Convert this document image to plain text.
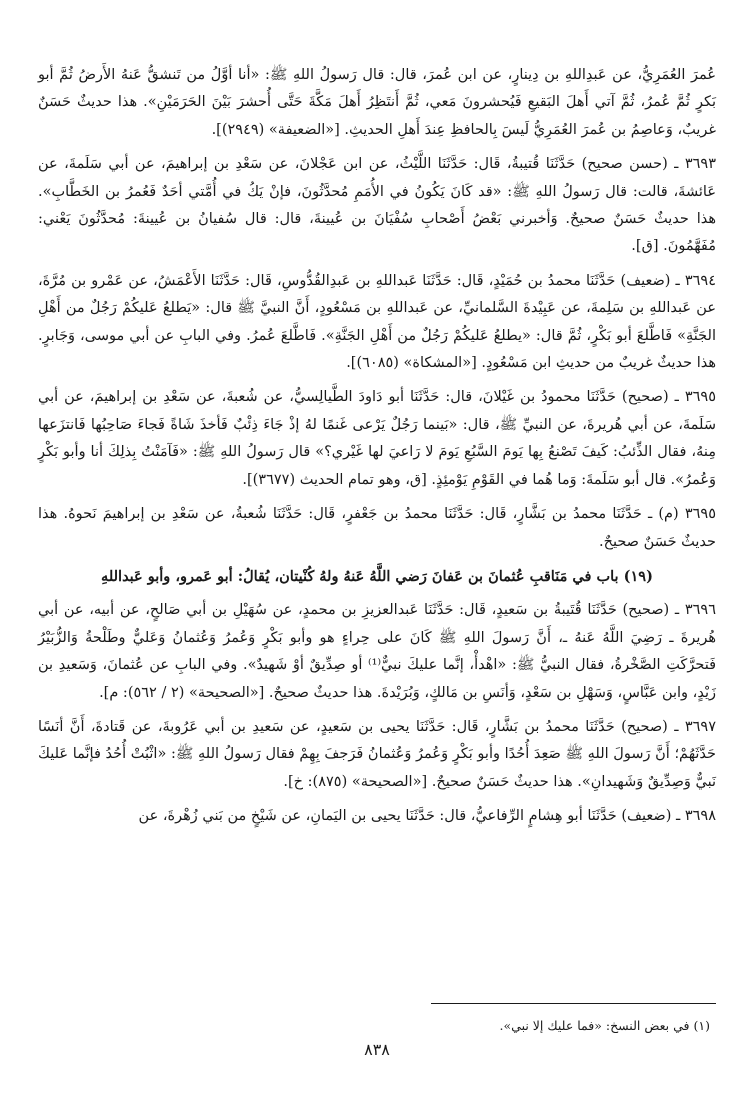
عُمرَ العُمَرِيُّ، عن عَبدِاللهِ بن دِينارٍ، عن ابن عُمرَ، قال: قال رَسولُ اللهِ ﷺ: «أنا أوَّلُ من تَنشقُّ عَنهُ الأَرضُ ثُمَّ أبو بَكرٍ ثُمَّ عُمرُ، ثُمَّ آتي أَهلَ البَقيعِ فَيُحشرونَ مَعي، ثُمَّ أَنتَظِرُ أَهلَ مَكَّةَ حَتَّى أُحشرَ بَيْنَ الحَرَمَيْنِ». هذا حديثٌ حَسَنٌ غريبٌ، وَعاصِمُ بن عُمرَ العُمَرِيُّ لَيسَ بِالحافظِ عِندَ أَهلِ الحديثِ. [«الضعيفة» (٢٩٤٩)].

٣٦٩٣ ـ (حسن صحيح) حَدَّثَنَا قُتيبةُ، قَال: حَدَّثَنَا اللَّيْثُ، عن ابن عَجْلانَ، عن سَعْدِ بن إبراهيمَ، عن أبي سَلَمةَ، عن عَائشةَ، قالت: قال رَسولُ اللهِ ﷺ: «قد كَانَ يَكُونُ في الأُمَمِ مُحدَّثُونَ، فإنْ يَكُ في أُمَّتي أحَدٌ فَعُمرُ بن الخَطَّابِ». هذا حديثٌ حَسَنٌ صحيحٌ. وَأخبرني بَعْضُ أَصْحابِ سُفْيَانَ بن عُيينةَ، قال: قال سُفيانُ بن عُيينةَ: مُحدَّثُونَ يَعْني: مُفَهَّمُونَ. [ق].

٣٦٩٤ ـ (ضعيف) حَدَّثَنَا محمدُ بن حُمَيْدٍ، قَال: حَدَّثَنَا عَبداللهِ بن عَبدِالقُدُّوسِ، قَال: حَدَّثَنَا الأَعْمَشُ، عن عَمْرو بن مُرَّةَ، عن عَبداللهِ بن سَلِمةَ، عن عَبِيْدةَ السَّلمانيِّ، عن عَبداللهِ بن مَسْعُودٍ، أَنَّ النبيَّ ﷺ قال: «يَطلعُ عَليكُمْ رَجُلٌ من أَهْلِ الجَنَّةِ» فَاطَّلعَ أبو بَكْرٍ، ثُمَّ قال: «يطلعُ عَليكُمْ رَجُلٌ من أَهْلِ الجَنَّةِ». فَاطَّلعَ عُمرُ. وفي البابِ عن أبي موسى، وَجَابرٍ. هذا حديثٌ غريبٌ من حديثِ ابن مَسْعُودٍ. [«المشكاة» (٦٠٨٥)].

٣٦٩٥ ـ (صحيح) حَدَّثَنَا محمودُ بن غَيْلانَ، قال: حَدَّثَنَا أبو دَاودَ الطَّيالِسيُّ، عن شُعبةَ، عن سَعْدِ بن إبراهيمَ، عن أبي سَلَمةَ، عن أبي هُريرةَ، عن النبيِّ ﷺ، قال: «بَينما رَجُلٌ يَرْعى غَنمًا لهُ إذْ جَاءَ ذِئْبٌ فَأخذَ شَاةً فَجاءَ صَاحِبُها فَانتزَعها مِنهُ، فقال الذِّئبُ: كَيفَ تَصْنعُ بِها يَومَ السَّبُعِ يَومَ لا رَاعيَ لها غَيْري؟» قال رَسولُ اللهِ ﷺ: «فَآمَنْتُ بِذلِكَ أنا وأبو بَكْرٍ وَعُمرُ». قال أبو سَلَمةَ: وَما هُما في القَوْمِ يَوْمئِذٍ. [ق، وهو تمام الحديث (٣٦٧٧)].

٣٦٩٥ (م) ـ حَدَّثَنَا محمدُ بن بَشَّارٍ، قَال: حَدَّثَنَا محمدُ بن جَعْفرٍ، قَال: حَدَّثَنَا شُعبةُ، عن سَعْدِ بن إبراهيمَ نَحوهُ. هذا حديثٌ حَسَنٌ صحيحٌ.

(١٩) باب في مَنَاقبِ عُثمانَ بن عَفانَ رَضي اللَّهُ عَنهُ ولهُ كُنْيتان، يُقالُ: أبو عَمرو، وأبو عَبداللهِ

٣٦٩٦ ـ (صحيح) حَدَّثَنَا قُتَيبةُ بن سَعيدٍ، قَال: حَدَّثَنَا عَبدالعزيزِ بن محمدٍ، عن سُهَيْلِ بن أبي صَالحٍ، عن أبيه، عن أبي هُريرةَ ـ رَضِيَ اللَّهُ عَنهُ ـ، أَنَّ رَسولَ اللهِ ﷺ كَانَ على حِراءٍ هو وأبو بَكْرٍ وَعُمرُ وَعُثمانُ وَعَليٌّ وطَلْحةُ وَالزُّبَيْرُ فَتحرَّكَتِ الصَّخْرةُ، فقال النبيُّ ﷺ: «اهْدأْ، إنَّما عليكَ نبيٌّ⁽¹⁾ أو صِدِّيقٌ أوْ شَهيدٌ». وفي البابِ عن عُثمانَ، وَسَعيدِ بن زَيْدٍ، وابن عَبَّاسٍ، وَسَهْلِ بن سَعْدٍ، وَأنَسِ بن مَالكٍ، وَبُرَيْدةَ. هذا حديثٌ صحيحٌ. [«الصحيحة» (٢ / ٥٦٢): م].

٣٦٩٧ ـ (صحيح) حَدَّثَنَا محمدُ بن بَشَّارٍ، قَال: حَدَّثَنَا يحيى بن سَعيدٍ، عن سَعيدِ بن أبي عَرُوبةَ، عن قَتادةَ، أَنَّ أنَسًا حَدَّثَهُمْ؛ أَنَّ رَسولَ اللهِ ﷺ صَعِدَ أُحُدًا وأبو بَكْرٍ وَعُمرُ وَعُثمانُ فَرَجفَ بِهِمْ فقال رَسولُ اللهِ ﷺ: «اثْبُتْ أُحُدُ فإنَّما عَليكَ نَبيٌّ وَصِدِّيقٌ وَشَهيدانِ». هذا حديثٌ حَسَنٌ صحيحٌ. [«الصحيحة» (٨٧٥): خ].

٣٦٩٨ ـ (ضعيف) حَدَّثَنَا أبو هِشامٍ الرِّفاعيُّ، قال: حَدَّثَنَا يحيى بن اليَمانِ، عن شَيْخٍ من بَني زُهْرةَ، عن

(١) في بعض النسخ: «فما عليك إلا نبي».
٨٣٨
